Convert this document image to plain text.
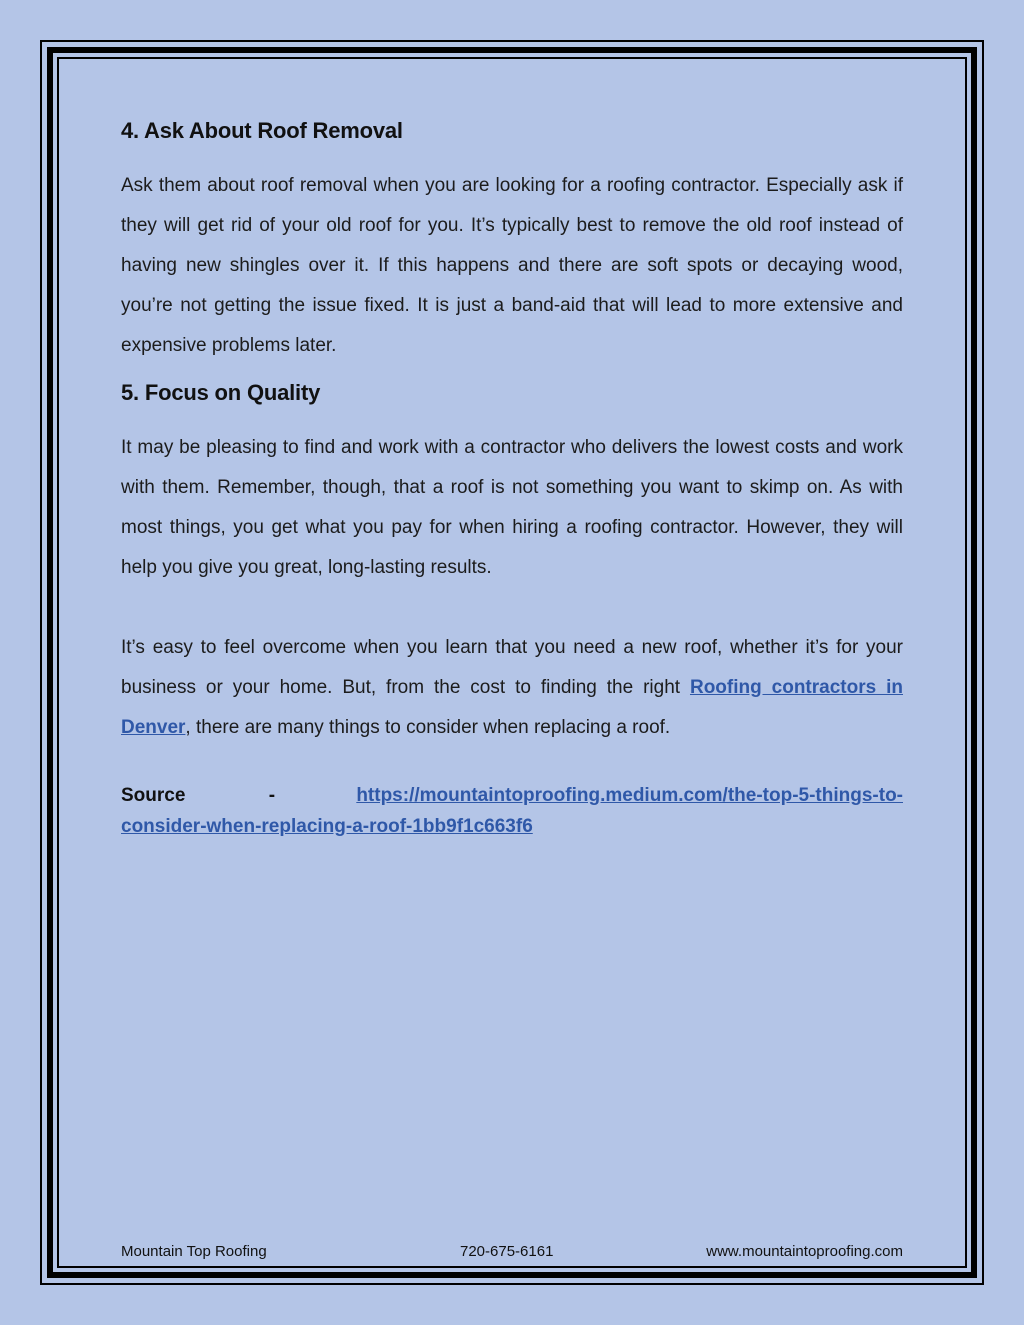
4. Ask About Roof Removal

Ask them about roof removal when you are looking for a roofing contractor. Especially ask if they will get rid of your old roof for you. It’s typically best to remove the old roof instead of having new shingles over it. If this happens and there are soft spots or decaying wood, you’re not getting the issue fixed. It is just a band-aid that will lead to more extensive and expensive problems later.

5. Focus on Quality

It may be pleasing to find and work with a contractor who delivers the lowest costs and work with them. Remember, though, that a roof is not something you want to skimp on. As with most things, you get what you pay for when hiring a roofing contractor. However, they will help you give you great, long-lasting results.

It’s easy to feel overcome when you learn that you need a new roof, whether it’s for your business or your home. But, from the cost to finding the right Roofing contractors in Denver, there are many things to consider when replacing a roof.

Source	-	https://mountaintoproofing.medium.com/the-top-5-things-to-consider-when-replacing-a-roof-1bb9f1c663f6
Mountain Top Roofing	720-675-6161	www.mountaintoproofing.com
